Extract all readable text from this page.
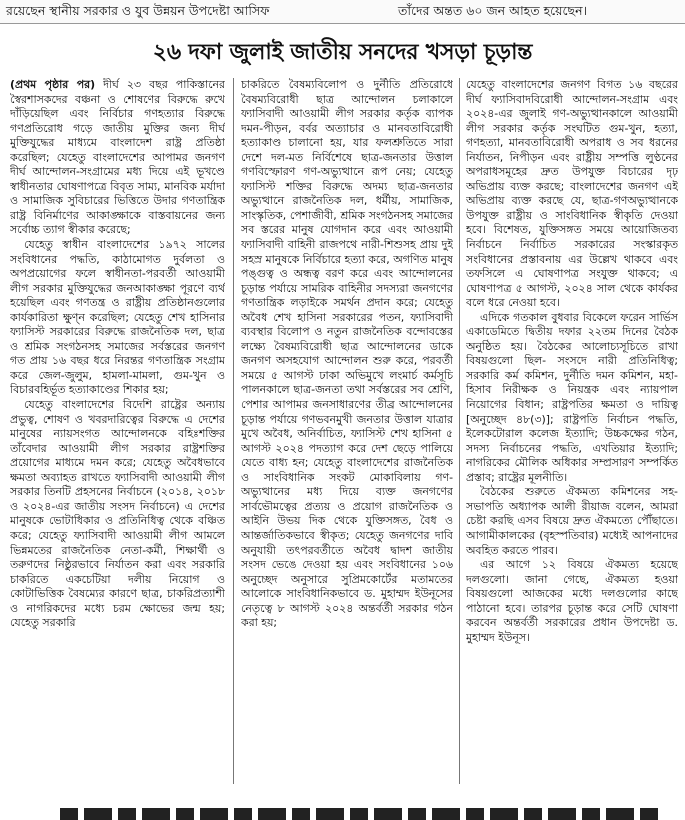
রয়েছেন স্থানীয় সরকার ও যুব উন্নয়ন উপদেষ্টা আসিফ	তাঁদের অন্তত ৬০ জন আহত হয়েছেন।
২৬ দফা জুলাই জাতীয় সনদের খসড়া চূড়ান্ত

(প্রথম পৃষ্ঠার পর) দীর্ঘ ২৩ বছর পাকিস্তানের স্বৈরশাসকদের বঞ্চনা ও শোষণের বিরুদ্ধে রুখে দাঁড়িয়েছিল এবং নির্বিচার গণহত্যার বিরুদ্ধে গণপ্রতিরোধ গড়ে জাতীয় মুক্তির জন্য দীর্ঘ মুক্তিযুদ্ধের মাধ্যমে বাংলাদেশ রাষ্ট্র প্রতিষ্ঠা করেছিল; যেহেতু বাংলাদেশের আপামর জনগণ দীর্ঘ আন্দোলন-সংগ্রামের মধ্য দিয়ে এই ভূখণ্ডে স্বাধীনতার ঘোষণাপত্রে বিবৃত সাম্য, মানবিক মর্যাদা ও সামাজিক সুবিচারের ভিত্তিতে উদার গণতান্ত্রিক রাষ্ট্র বিনির্মাণের আকাঙ্ক্ষাকে বাস্তবায়নের জন্য সর্বোচ্চ ত্যাগ স্বীকার করেছে;

যেহেতু স্বাধীন বাংলাদেশের ১৯৭২ সালের সংবিধানের পদ্ধতি, কাঠামোগত দুর্বলতা ও অপপ্রয়োগের ফলে স্বাধীনতা-পরবর্তী আওয়ামী লীগ সরকার মুক্তিযুদ্ধের জনআকাঙ্ক্ষা পূরণে ব্যর্থ হয়েছিল এবং গণতন্ত্র ও রাষ্ট্রীয় প্রতিষ্ঠানগুলোর কার্যকারিতা ক্ষুণ্ন করেছিল; যেহেতু শেখ হাসিনার ফ্যাসিস্ট সরকারের বিরুদ্ধে রাজনৈতিক দল, ছাত্র ও শ্রমিক সংগঠনসহ সমাজের সর্বস্তরের জনগণ গত প্রায় ১৬ বছর ধরে নিরন্তর গণতান্ত্রিক সংগ্রাম করে জেল-জুলুম, হামলা-মামলা, গুম-খুন ও বিচারবহির্ভূত হত্যাকাণ্ডের শিকার হয়;

যেহেতু বাংলাদেশের বিদেশি রাষ্ট্রের অন্যায় প্রভুত্ব, শোষণ ও খবরদারিত্বের বিরুদ্ধে এ দেশের মানুষের ন্যায়সংগত আন্দোলনকে বহিঃশক্তির তাঁবেদার আওয়ামী লীগ সরকার রাষ্ট্রশক্তির প্রয়োগের মাধ্যমে দমন করে; যেহেতু অবৈধভাবে ক্ষমতা অব্যাহত রাখতে ফ্যাসিবাদী আওয়ামী লীগ সরকার তিনটি প্রহসনের নির্বাচনে (২০১৪, ২০১৮ ও ২০২৪-এর জাতীয় সংসদ নির্বাচনে) এ দেশের মানুষকে ভোটাধিকার ও প্রতিনিধিত্ব থেকে বঞ্চিত করে; যেহেতু ফ্যাসিবাদী আওয়ামী লীগ আমলে ভিন্নমতের রাজনৈতিক নেতা-কর্মী, শিক্ষার্থী ও তরুণদের নিষ্ঠুরভাবে নির্যাতন করা এবং সরকারি চাকরিতে একচেটিয়া দলীয় নিয়োগ ও কোটাভিত্তিক বৈষম্যের কারণে ছাত্র, চাকরিপ্রত্যাশী ও নাগরিকদের মধ্যে চরম ক্ষোভের জন্ম হয়; যেহেতু সরকারি

চাকরিতে বৈষম্যবিলোপ ও দুর্নীতি প্রতিরোধে বৈষম্যবিরোধী ছাত্র আন্দোলন চলাকালে ফ্যাসিবাদী আওয়ামী লীগ সরকার কর্তৃক ব্যাপক দমন-পীড়ন, বর্বর অত্যাচার ও মানবতাবিরোধী হত্যাকাণ্ড চালানো হয়, যার ফলশ্রুতিতে সারা দেশে দল-মত নির্বিশেষে ছাত্র-জনতার উত্তাল গণবিস্ফোরণ গণ-অভ্যুত্থানে রূপ নেয়; যেহেতু ফ্যাসিস্ট শক্তির বিরুদ্ধে অদম্য ছাত্র-জনতার অভ্যুত্থানে রাজনৈতিক দল, ধর্মীয়, সামাজিক, সাংস্কৃতিক, পেশাজীবী, শ্রমিক সংগঠনসহ সমাজের সব স্তরের মানুষ যোগদান করে এবং আওয়ামী ফ্যাসিবাদী বাহিনী রাজপথে নারী-শিশুসহ প্রায় দুই সহস্র মানুষকে নির্বিচারে হত্যা করে, অগণিত মানুষ পঙ্গুত্ব ও অন্ধত্ব বরণ করে এবং আন্দোলনের চূড়ান্ত পর্যায়ে সামরিক বাহিনীর সদস্যরা জনগণের গণতান্ত্রিক লড়াইকে সমর্থন প্রদান করে; যেহেতু অবৈধ শেখ হাসিনা সরকারের পতন, ফ্যাসিবাদী ব্যবস্থার বিলোপ ও নতুন রাজনৈতিক বন্দোবস্তের লক্ষ্যে বৈষম্যবিরোধী ছাত্র আন্দোলনের ডাকে জনগণ অসহযোগ আন্দোলন শুরু করে, পরবর্তী সময়ে ৫ আগস্ট ঢাকা অভিমুখে লংমার্চ কর্মসূচি পালনকালে ছাত্র-জনতা তথা সর্বস্তরের সব শ্রেণি, পেশার আপামর জনসাধারণের তীব্র আন্দোলনের চূড়ান্ত পর্যায়ে গণভবনমুখী জনতার উত্তাল যাত্রার মুখে অবৈধ, অনির্বাচিত, ফ্যাসিস্ট শেখ হাসিনা ৫ আগস্ট ২০২৪ পদত্যাগ করে দেশ ছেড়ে পালিয়ে যেতে বাধ্য হন; যেহেতু বাংলাদেশের রাজনৈতিক ও সাংবিধানিক সংকট মোকাবিলায় গণ-অভ্যুত্থানের মধ্য দিয়ে ব্যক্ত জনগণের সার্বভৌমত্বের প্রত্যয় ও প্রয়োগ রাজনৈতিক ও আইনি উভয় দিক থেকে যুক্তিসঙ্গত, বৈধ ও আন্তর্জাতিকভাবে স্বীকৃত; যেহেতু জনগণের দাবি অনুযায়ী তৎপরবর্তীতে অবৈধ দ্বাদশ জাতীয় সংসদ ভেঙে দেওয়া হয় এবং সংবিধানের ১০৬ অনুচ্ছেদ অনুসারে সুপ্রিমকোর্টের মতামতের আলোকে সাংবিধানিকভাবে ড. মুহাম্মদ ইউনূসের নেতৃত্বে ৮ আগস্ট ২০২৪ অন্তর্বর্তী সরকার গঠন করা হয়;

যেহেতু বাংলাদেশের জনগণ বিগত ১৬ বছরের দীর্ঘ ফ্যাসিবাদবিরোধী আন্দোলন-সংগ্রাম এবং ২০২৪-এর জুলাই গণ-অভ্যুত্থানকালে আওয়ামী লীগ সরকার কর্তৃক সংঘটিত গুম-খুন, হত্যা, গণহত্যা, মানবতাবিরোধী অপরাধ ও সব ধরনের নির্যাতন, নিপীড়ন এবং রাষ্ট্রীয় সম্পত্তি লুণ্ঠনের অপরাধসমূহের দ্রুত উপযুক্ত বিচারের দৃঢ় অভিপ্রায় ব্যক্ত করছে; বাংলাদেশের জনগণ এই অভিপ্রায় ব্যক্ত করছে যে, ছাত্র-গণঅভ্যুত্থানকে উপযুক্ত রাষ্ট্রীয় ও সাংবিধানিক স্বীকৃতি দেওয়া হবে। বিশেষত, যুক্তিসঙ্গত সময়ে আয়োজিতব্য নির্বাচনে নির্বাচিত সরকারের সংস্কারকৃত সংবিধানের প্রস্তাবনায় এর উল্লেখ থাকবে এবং তফসিলে এ ঘোষণাপত্র সংযুক্ত থাকবে; এ ঘোষণাপত্র ৫ আগস্ট, ২০২৪ সাল থেকে কার্যকর বলে ধরে নেওয়া হবে।

এদিকে গতকাল বুধবার বিকেলে ফরেন সার্ভিস একাডেমিতে দ্বিতীয় দফার ২২তম দিনের বৈঠক অনুষ্ঠিত হয়। বৈঠকের আলোচ্যসূচিতে রাখা বিষয়গুলো ছিল- সংসদে নারী প্রতিনিধিত্ব; সরকারি কর্ম কমিশন, দুর্নীতি দমন কমিশন, মহা-হিসাব নিরীক্ষক ও নিয়ন্ত্রক এবং ন্যায়পাল নিয়োগের বিধান; রাষ্ট্রপতির ক্ষমতা ও দায়িত্ব [অনুচ্ছেদ ৪৮(৩)]; রাষ্ট্রপতি নির্বাচন পদ্ধতি, ইলেকটোরাল কলেজ ইত্যাদি; উচ্চকক্ষের গঠন, সদস্য নির্বাচনের পদ্ধতি, এখতিয়ার ইত্যাদি; নাগরিকের মৌলিক অধিকার সম্প্রসারণ সম্পর্কিত প্রস্তাব; রাষ্ট্রের মূলনীতি।

বৈঠকের শুরুতে ঐকমত্য কমিশনের সহ-সভাপতি অধ্যাপক আলী রীয়াজ বলেন, আমরা চেষ্টা করছি এসব বিষয়ে দ্রুত ঐকমত্যে পৌঁছাতে। আগামীকালকের (বৃহস্পতিবার) মধ্যেই আপনাদের অবহিত করতে পারব।

এর আগে ১২ বিষয়ে ঐকমত্য হয়েছে দলগুলো। জানা গেছে, ঐকমত্য হওয়া বিষয়গুলো আজকের মধ্যে দলগুলোর কাছে পাঠানো হবে। তারপর চূড়ান্ত করে সেটি ঘোষণা করবেন অন্তর্বর্তী সরকারের প্রধান উপদেষ্টা ড. মুহাম্মদ ইউনূস।
